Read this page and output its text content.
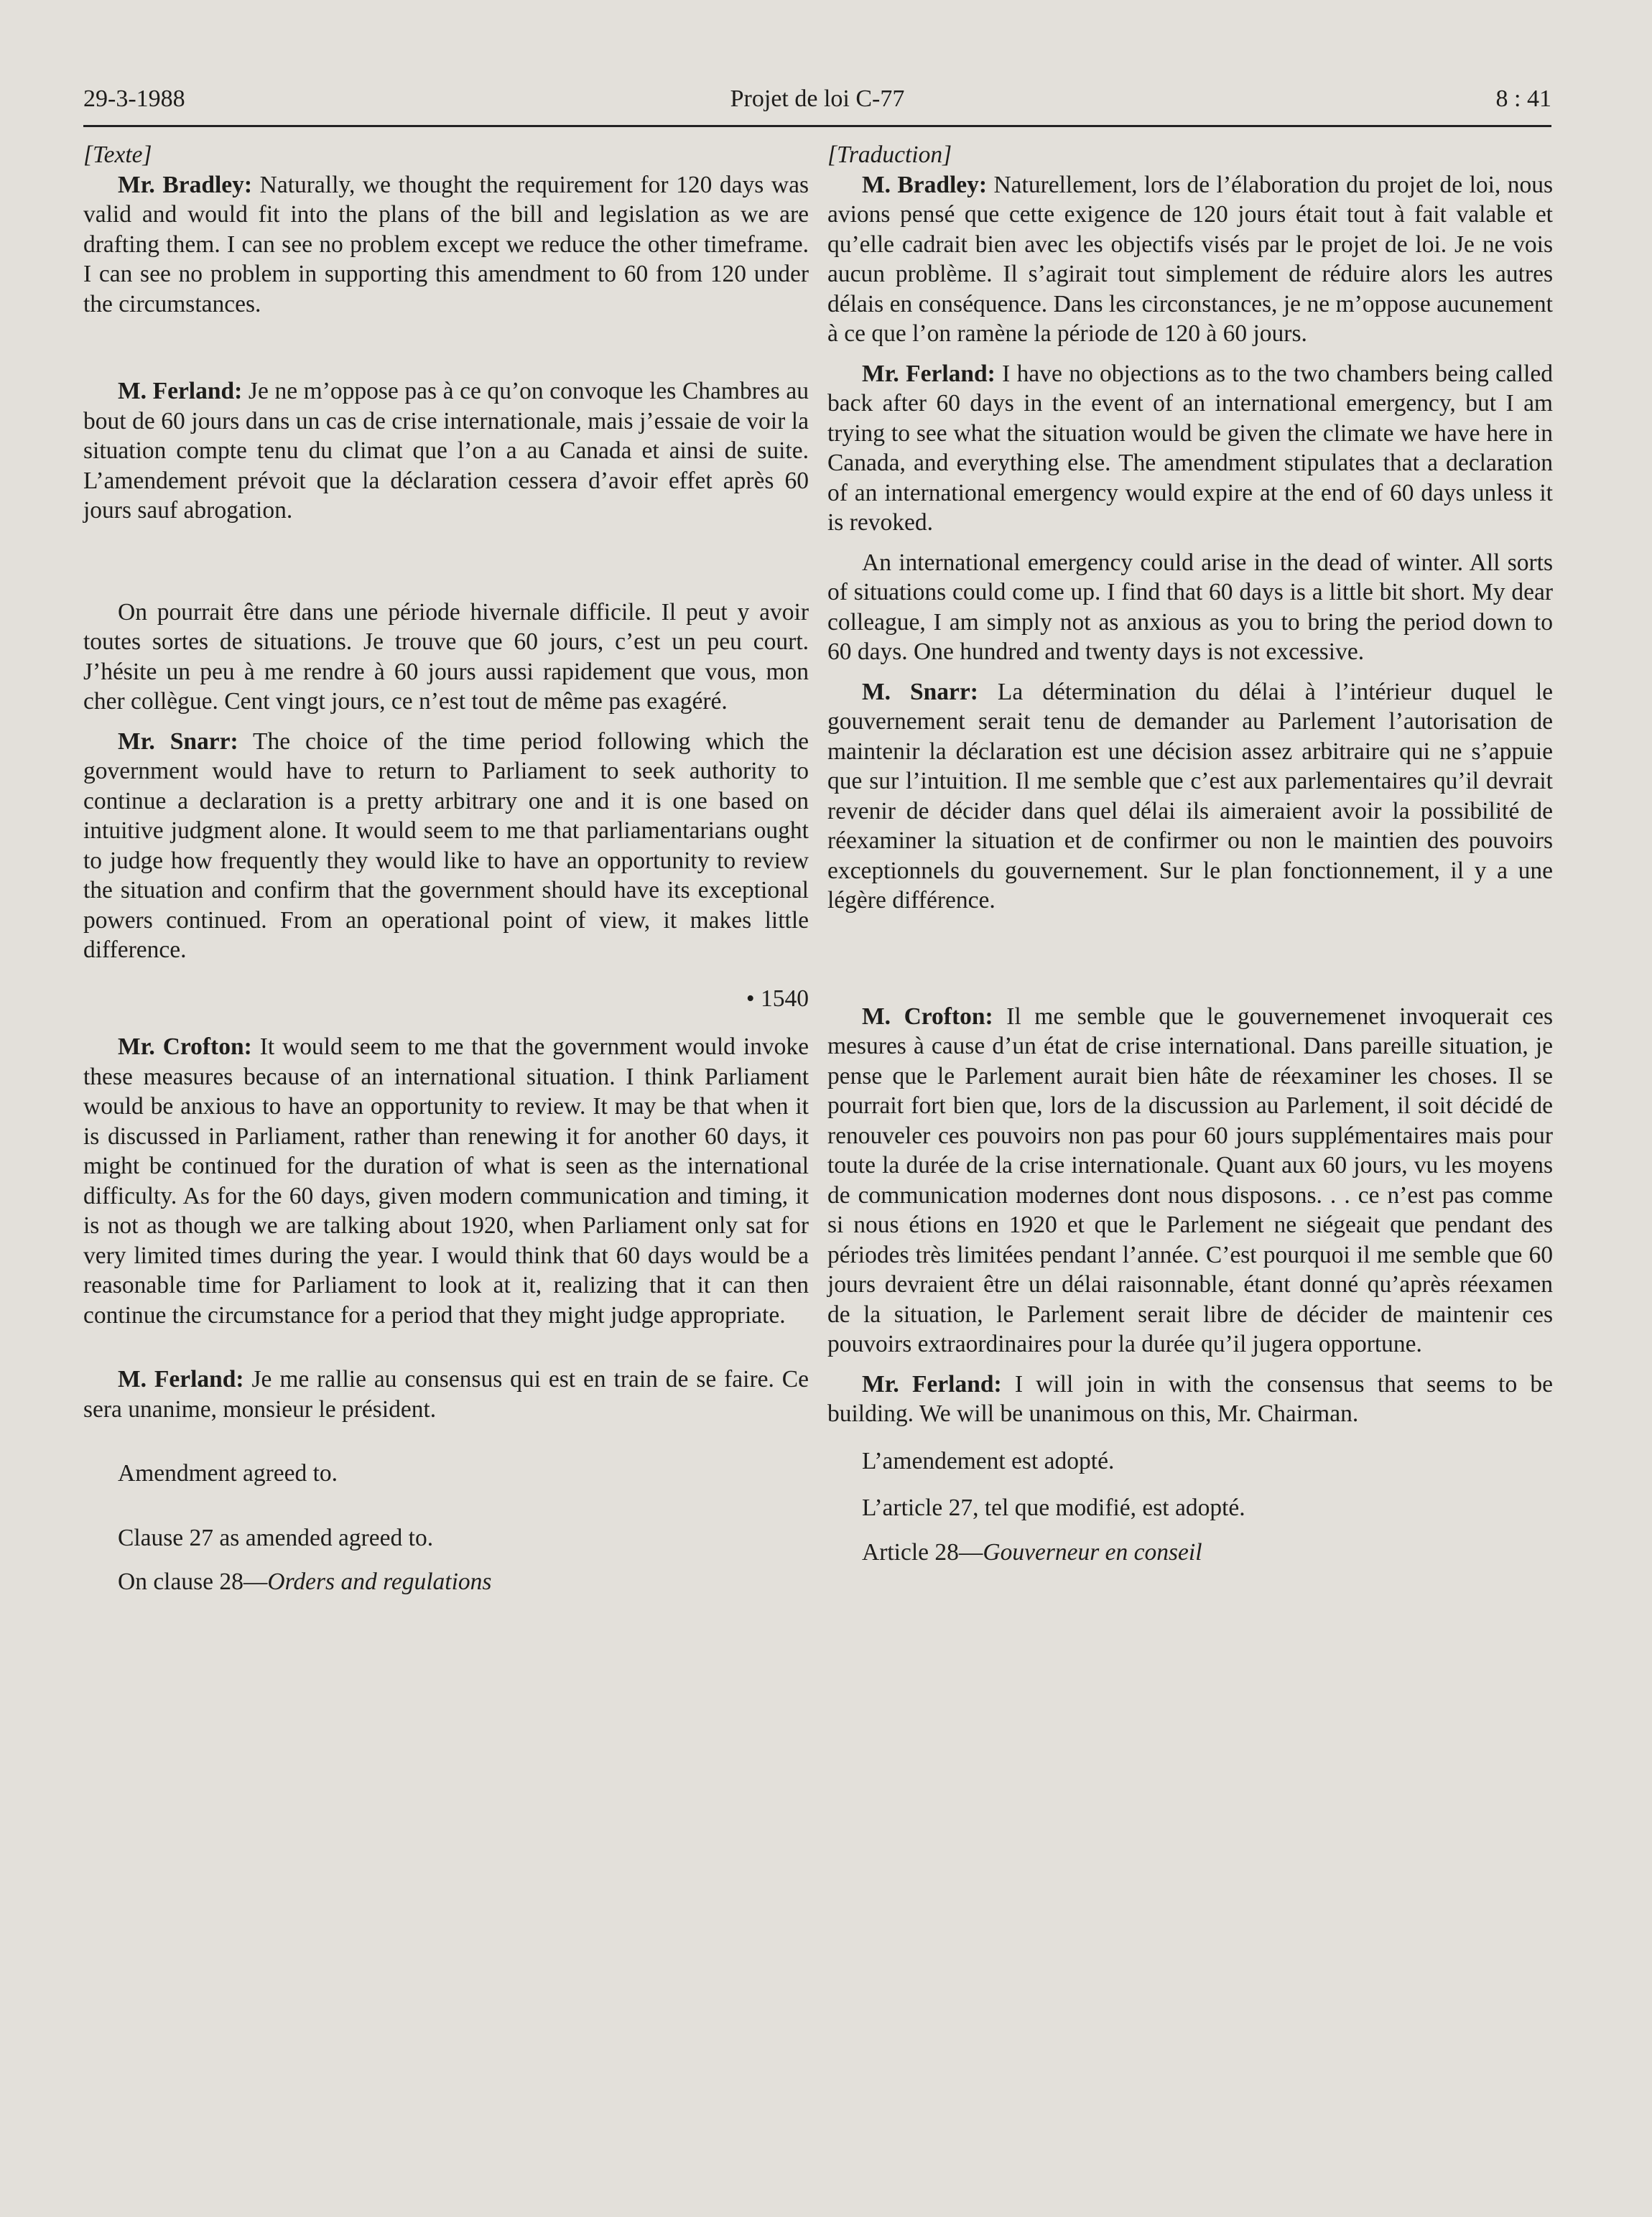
29-3-1988	Projet de loi C-77	8 : 41

[Texte]

Mr. Bradley: Naturally, we thought the requirement for 120 days was valid and would fit into the plans of the bill and legislation as we are drafting them. I can see no problem except we reduce the other timeframe. I can see no problem in supporting this amendment to 60 from 120 under the circumstances.

M. Ferland: Je ne m’oppose pas à ce qu’on convoque les Chambres au bout de 60 jours dans un cas de crise internationale, mais j’essaie de voir la situation compte tenu du climat que l’on a au Canada et ainsi de suite. L’amendement prévoit que la déclaration cessera d’avoir effet après 60 jours sauf abrogation.

On pourrait être dans une période hivernale difficile. Il peut y avoir toutes sortes de situations. Je trouve que 60 jours, c’est un peu court. J’hésite un peu à me rendre à 60 jours aussi rapidement que vous, mon cher collègue. Cent vingt jours, ce n’est tout de même pas exagéré.

Mr. Snarr: The choice of the time period following which the government would have to return to Parliament to seek authority to continue a declaration is a pretty arbitrary one and it is one based on intuitive judgment alone. It would seem to me that parliamentarians ought to judge how frequently they would like to have an opportunity to review the situation and confirm that the government should have its exceptional powers continued. From an operational point of view, it makes little difference.

• 1540

Mr. Crofton: It would seem to me that the government would invoke these measures because of an international situation. I think Parliament would be anxious to have an opportunity to review. It may be that when it is discussed in Parliament, rather than renewing it for another 60 days, it might be continued for the duration of what is seen as the international difficulty. As for the 60 days, given modern communication and timing, it is not as though we are talking about 1920, when Parliament only sat for very limited times during the year. I would think that 60 days would be a reasonable time for Parliament to look at it, realizing that it can then continue the circumstance for a period that they might judge appropriate.

M. Ferland: Je me rallie au consensus qui est en train de se faire. Ce sera unanime, monsieur le président.

Amendment agreed to.

Clause 27 as amended agreed to.

On clause 28—Orders and regulations

[Traduction]

M. Bradley: Naturellement, lors de l’élaboration du projet de loi, nous avions pensé que cette exigence de 120 jours était tout à fait valable et qu’elle cadrait bien avec les objectifs visés par le projet de loi. Je ne vois aucun problème. Il s’agirait tout simplement de réduire alors les autres délais en conséquence. Dans les circonstances, je ne m’oppose aucunement à ce que l’on ramène la période de 120 à 60 jours.

Mr. Ferland: I have no objections as to the two chambers being called back after 60 days in the event of an international emergency, but I am trying to see what the situation would be given the climate we have here in Canada, and everything else. The amendment stipulates that a declaration of an international emergency would expire at the end of 60 days unless it is revoked.

An international emergency could arise in the dead of winter. All sorts of situations could come up. I find that 60 days is a little bit short. My dear colleague, I am simply not as anxious as you to bring the period down to 60 days. One hundred and twenty days is not excessive.

M. Snarr: La détermination du délai à l’intérieur duquel le gouvernement serait tenu de demander au Parlement l’autorisation de maintenir la déclaration est une décision assez arbitraire qui ne s’appuie que sur l’intuition. Il me semble que c’est aux parlementaires qu’il devrait revenir de décider dans quel délai ils aimeraient avoir la possibilité de réexaminer la situation et de confirmer ou non le maintien des pouvoirs exceptionnels du gouvernement. Sur le plan fonctionnement, il y a une légère différence.

M. Crofton: Il me semble que le gouvernemenet invoquerait ces mesures à cause d’un état de crise international. Dans pareille situation, je pense que le Parlement aurait bien hâte de réexaminer les choses. Il se pourrait fort bien que, lors de la discussion au Parlement, il soit décidé de renouveler ces pouvoirs non pas pour 60 jours supplémentaires mais pour toute la durée de la crise internationale. Quant aux 60 jours, vu les moyens de communication modernes dont nous disposons. . . ce n’est pas comme si nous étions en 1920 et que le Parlement ne siégeait que pendant des périodes très limitées pendant l’année. C’est pourquoi il me semble que 60 jours devraient être un délai raisonnable, étant donné qu’après réexamen de la situation, le Parlement serait libre de décider de maintenir ces pouvoirs extraordinaires pour la durée qu’il jugera opportune.

Mr. Ferland: I will join in with the consensus that seems to be building. We will be unanimous on this, Mr. Chairman.

L’amendement est adopté.

L’article 27, tel que modifié, est adopté.

Article 28—Gouverneur en conseil
